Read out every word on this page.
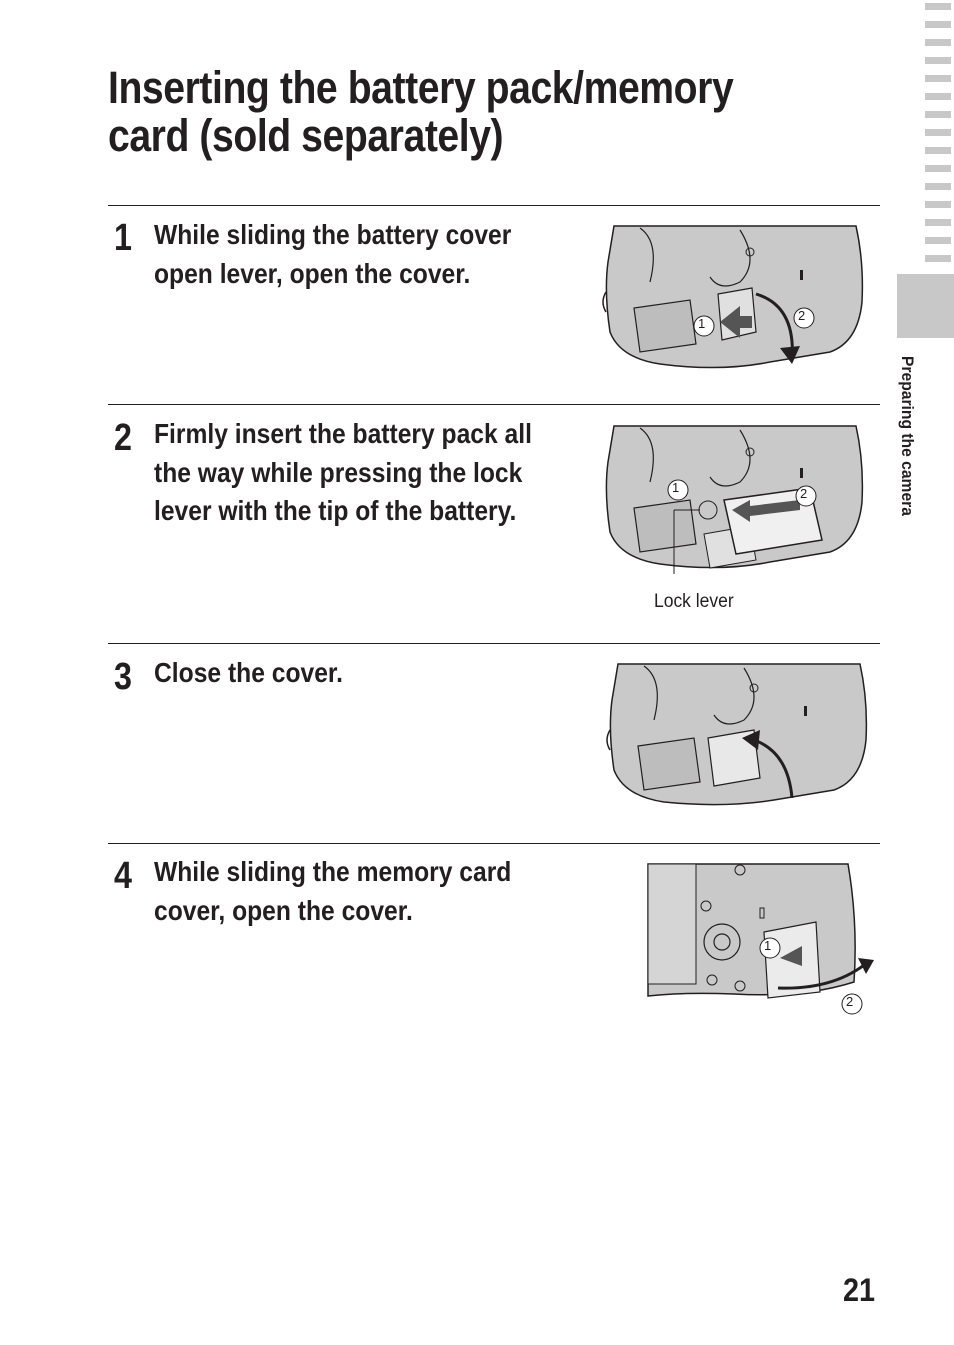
Preparing the camera
Inserting the battery pack/memory card (sold separately)
1 While sliding the battery cover open lever, open the cover.

1
2
2 Firmly insert the battery pack all the way while pressing the lock lever with the tip of the battery.

1	2
Lock lever
3 Close the cover.

4 While sliding the memory card cover, open the cover.

1
2
21
